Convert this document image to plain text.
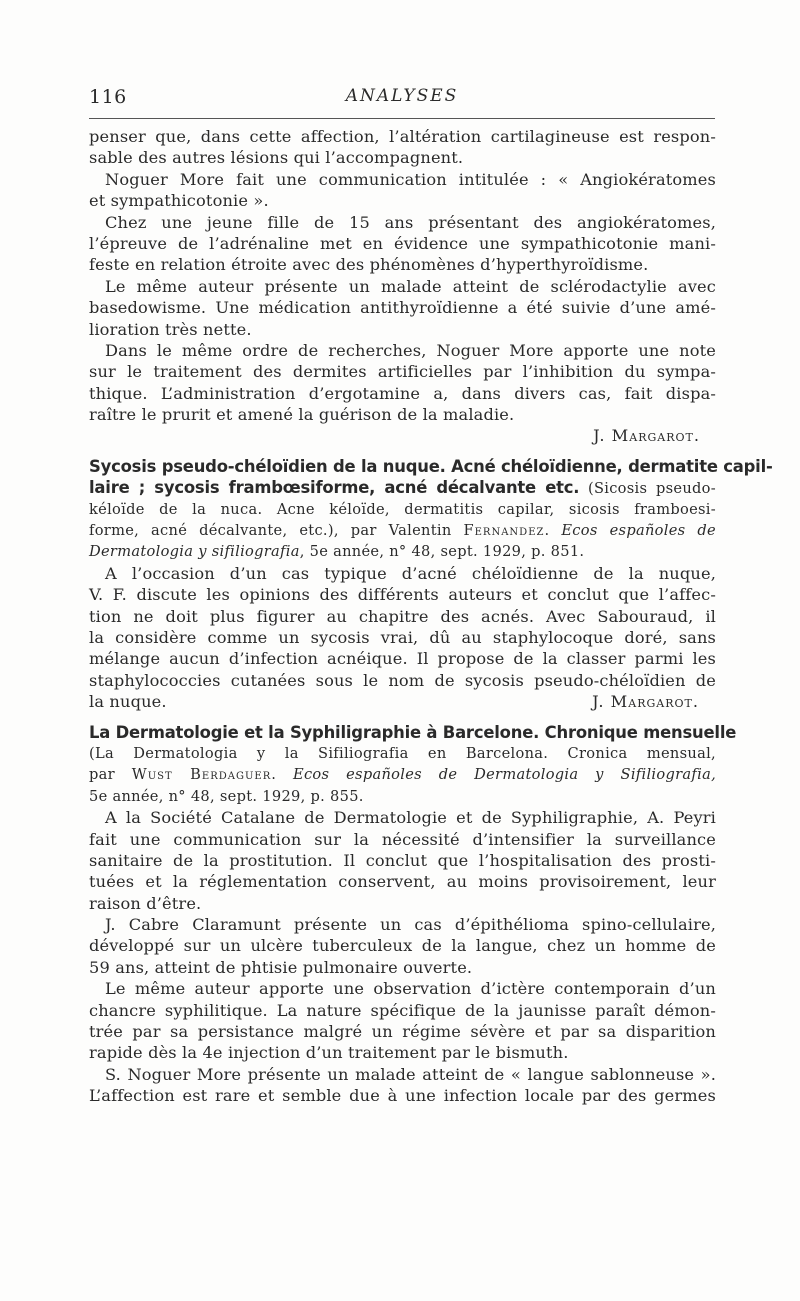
116	ANALYSES
penser que, dans cette affection, l’altération cartilagineuse est respon-
sable des autres lésions qui l’accompagnent.
Noguer More fait une communication intitulée : « Angiokératomes
et sympathicotonie ».
Chez une jeune fille de 15 ans présentant des angiokératomes,
l’épreuve de l’adrénaline met en évidence une sympathicotonie mani-
feste en relation étroite avec des phénomènes d’hyperthyroïdisme.
Le même auteur présente un malade atteint de sclérodactylie avec
basedowisme. Une médication antithyroïdienne a été suivie d’une amé-
lioration très nette.
Dans le même ordre de recherches, Noguer More apporte une note
sur le traitement des dermites artificielles par l’inhibition du sympa-
thique. L’administration d’ergotamine a, dans divers cas, fait dispa-
raître le prurit et amené la guérison de la maladie.
J. Margarot.
Sycosis pseudo-chéloïdien de la nuque. Acné chéloïdienne, dermatite capil-
laire ; sycosis frambœsiforme, acné décalvante etc. (Sicosis pseudo-
kéloïde de la nuca. Acne kéloïde, dermatitis capilar, sicosis framboesi-
forme, acné décalvante, etc.), par Valentin Fernandez. Ecos españoles de
Dermatologia y sifiliografia, 5e année, n° 48, sept. 1929, p. 851.
A l’occasion d’un cas typique d’acné chéloïdienne de la nuque,
V. F. discute les opinions des différents auteurs et conclut que l’affec-
tion ne doit plus figurer au chapitre des acnés. Avec Sabouraud, il
la considère comme un sycosis vrai, dû au staphylocoque doré, sans
mélange aucun d’infection acnéique. Il propose de la classer parmi les
staphylococcies cutanées sous le nom de sycosis pseudo-chéloïdien de
la nuque.	J. Margarot.
La Dermatologie et la Syphiligraphie à Barcelone. Chronique mensuelle
(La Dermatologia y la Sifiliografia en Barcelona. Cronica mensual,
par Wust Berdaguer. Ecos españoles de Dermatologia y Sifiliografia,
5e année, n° 48, sept. 1929, p. 855.
A la Société Catalane de Dermatologie et de Syphiligraphie, A. Peyri
fait une communication sur la nécessité d’intensifier la surveillance
sanitaire de la prostitution. Il conclut que l’hospitalisation des prosti-
tuées et la réglementation conservent, au moins provisoirement, leur
raison d’être.
J. Cabre Claramunt présente un cas d’épithélioma spino-cellulaire,
développé sur un ulcère tuberculeux de la langue, chez un homme de
59 ans, atteint de phtisie pulmonaire ouverte.
Le même auteur apporte une observation d’ictère contemporain d’un
chancre syphilitique. La nature spécifique de la jaunisse paraît démon-
trée par sa persistance malgré un régime sévère et par sa disparition
rapide dès la 4e injection d’un traitement par le bismuth.
S. Noguer More présente un malade atteint de « langue sablonneuse ».
L’affection est rare et semble due à une infection locale par des germes
